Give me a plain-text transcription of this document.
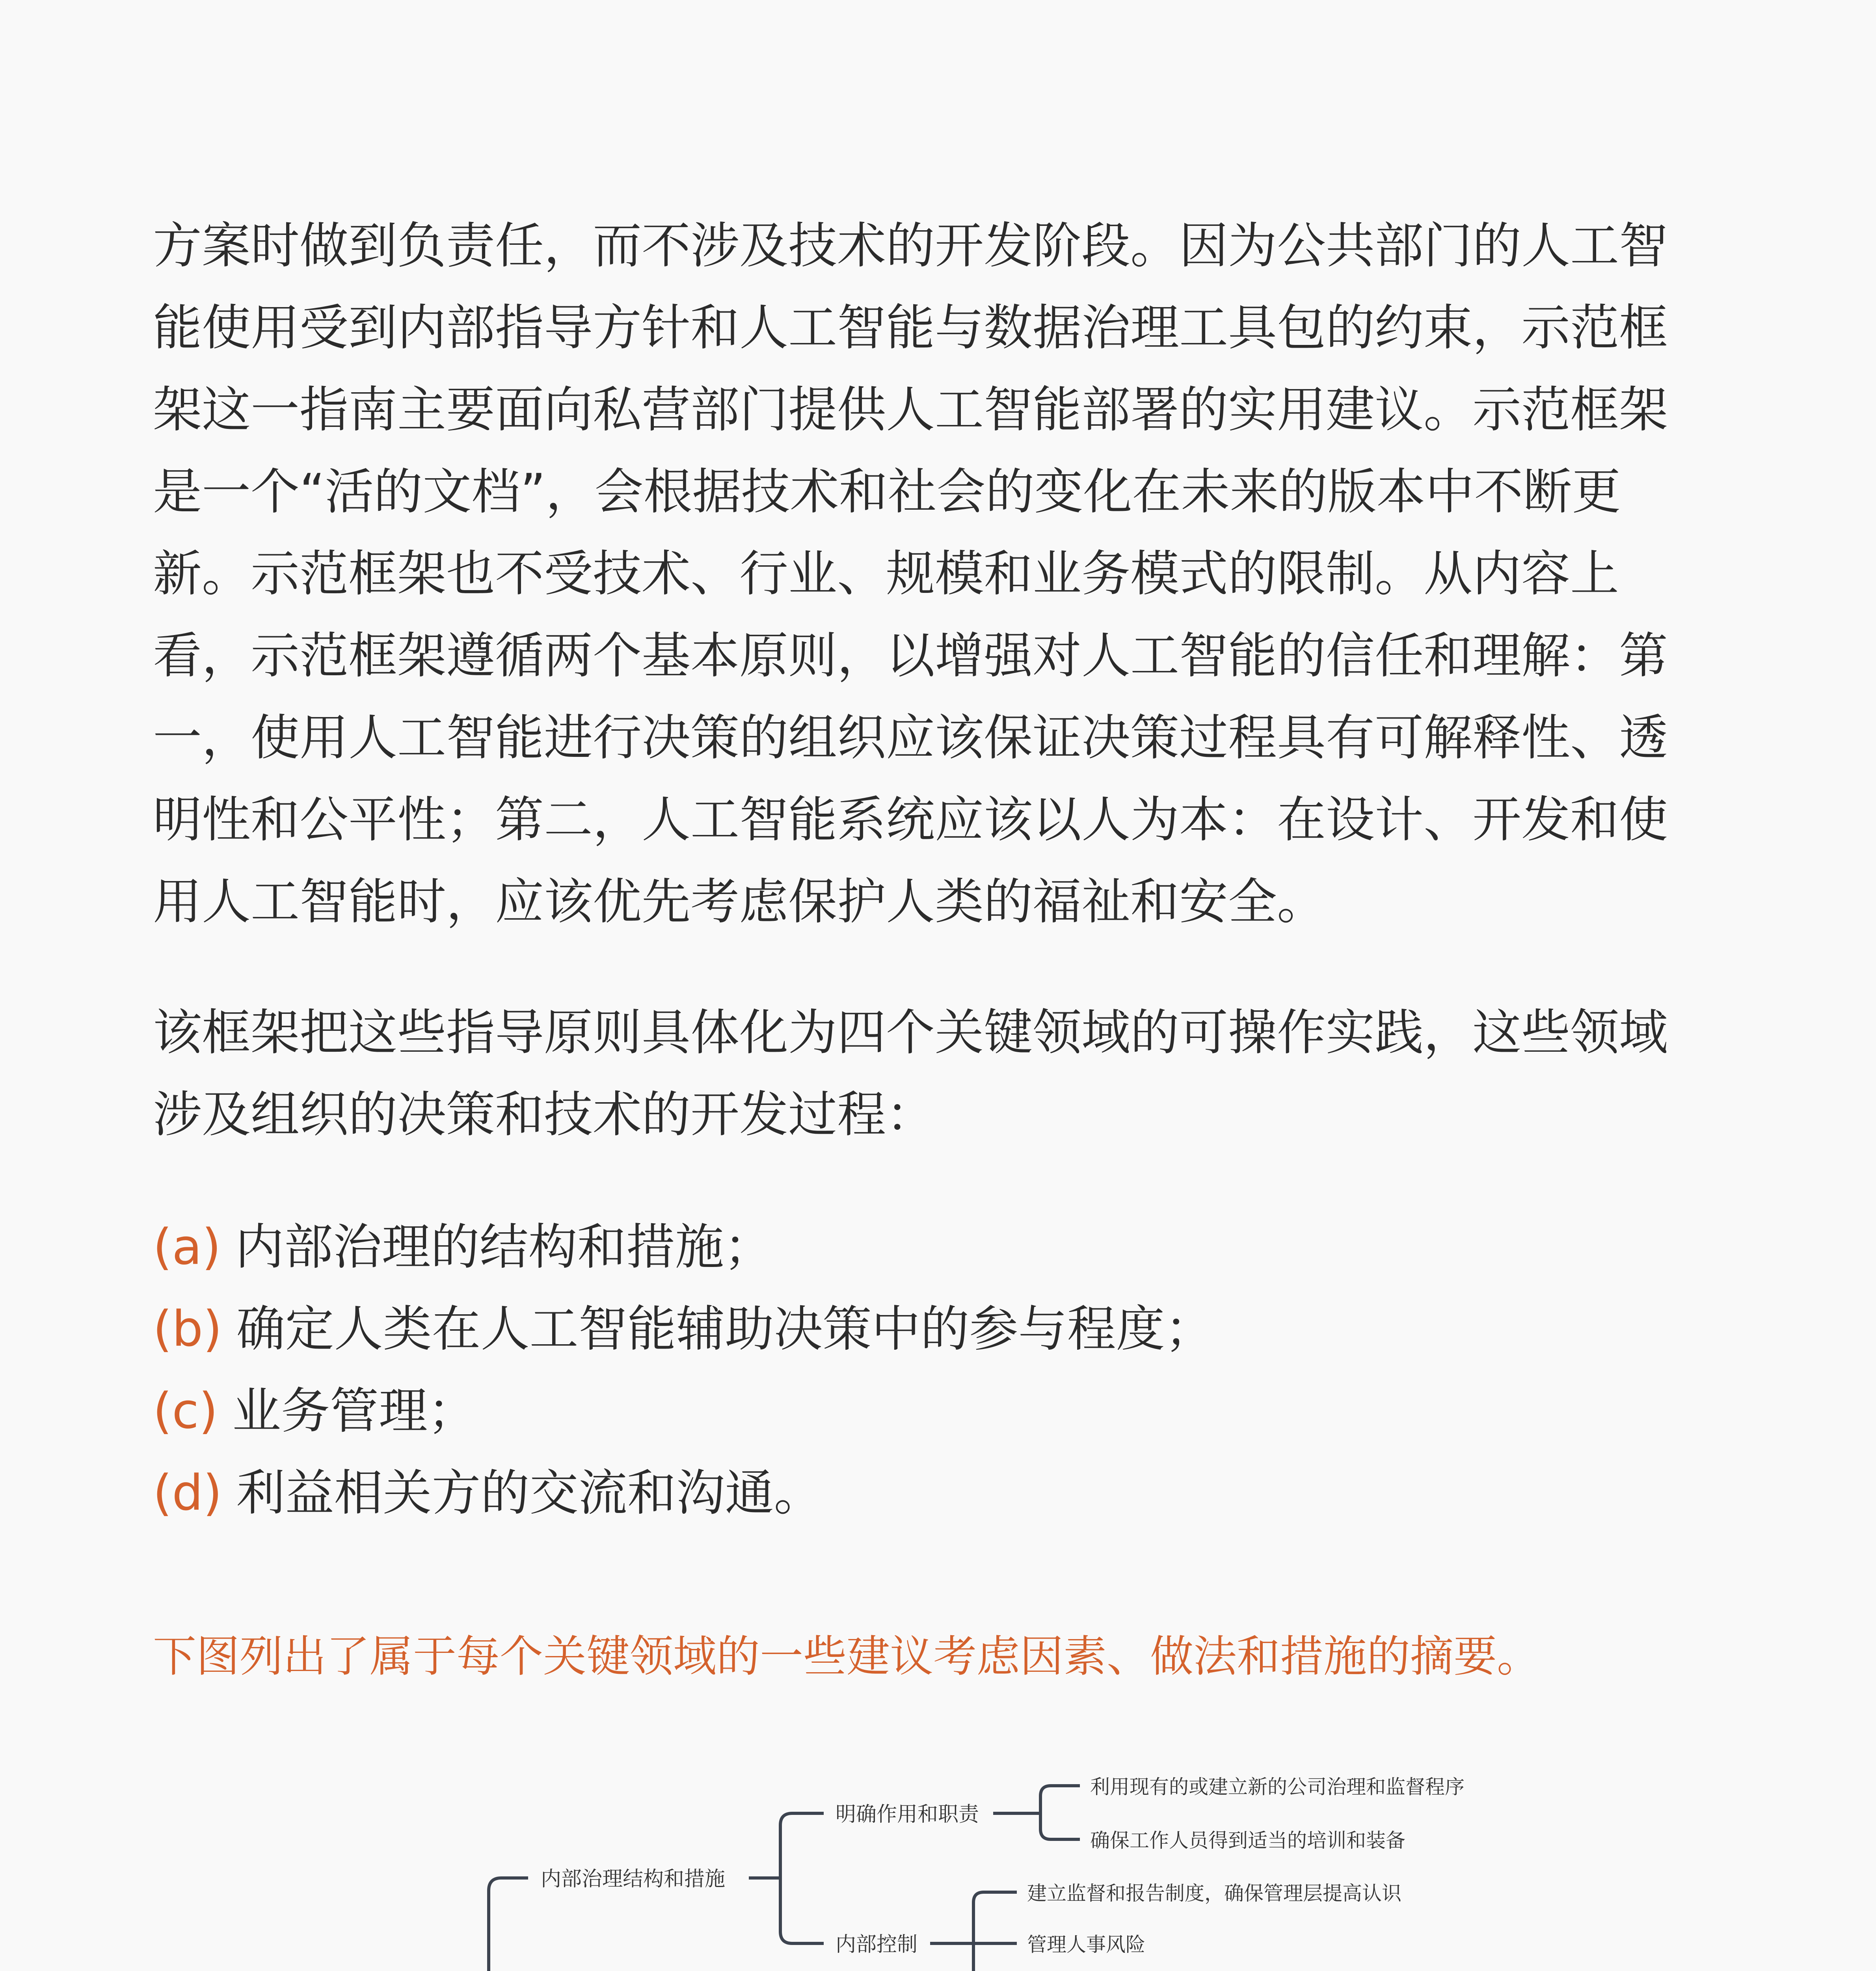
方案时做到负责任，而不涉及技术的开发阶段。因为公共部门的人工智
能使用受到内部指导方针和人工智能与数据治理工具包的约束，示范框
架这一指南主要面向私营部门提供人工智能部署的实用建议。示范框架
是一个“活的文档”，会根据技术和社会的变化在未来的版本中不断更
新。示范框架也不受技术、行业、规模和业务模式的限制。从内容上
看，示范框架遵循两个基本原则，以增强对人工智能的信任和理解：第
一，使用人工智能进行决策的组织应该保证决策过程具有可解释性、透
明性和公平性；第二，人工智能系统应该以人为本：在设计、开发和使
用人工智能时，应该优先考虑保护人类的福祉和安全。

该框架把这些指导原则具体化为四个关键领域的可操作实践，这些领域
涉及组织的决策和技术的开发过程：

(a) 内部治理的结构和措施；
(b) 确定人类在人工智能辅助决策中的参与程度；
(c) 业务管理；
(d) 利益相关方的交流和沟通。
下图列出了属于每个关键领域的一些建议考虑因素、做法和措施的摘要。
内部治理结构和措施
明确作用和职责
内部控制
利用现有的或建立新的公司治理和监督程序
确保工作人员得到适当的培训和装备
建立监督和报告制度，确保管理层提高认识
管理人事风险
